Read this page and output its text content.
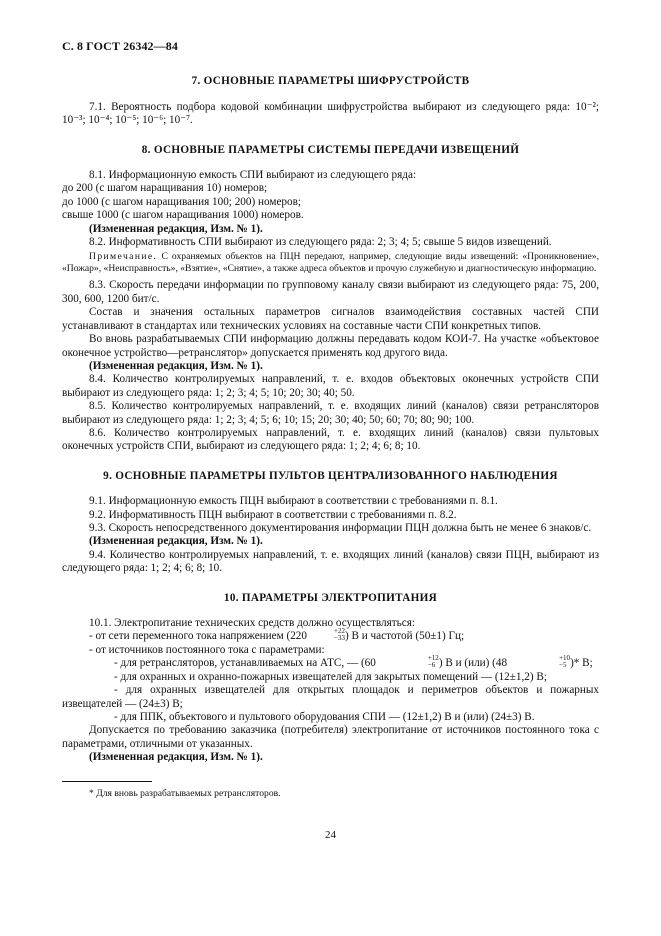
С. 8 ГОСТ 26342—84
7. ОСНОВНЫЕ ПАРАМЕТРЫ ШИФРУСТРОЙСТВ

7.1. Вероятность подбора кодовой комбинации шифрустройства выбирают из следующего ряда: 10⁻²; 10⁻³; 10⁻⁴; 10⁻⁵; 10⁻⁶; 10⁻⁷.

8. ОСНОВНЫЕ ПАРАМЕТРЫ СИСТЕМЫ ПЕРЕДАЧИ ИЗВЕЩЕНИЙ

8.1. Информационную емкость СПИ выбирают из следующего ряда:

до 200 (с шагом наращивания 10) номеров;

до 1000 (с шагом наращивания 100; 200) номеров;

свыше 1000 (с шагом наращивания 1000) номеров.

(Измененная редакция, Изм. № 1).

8.2. Информативность СПИ выбирают из следующего ряда: 2; 3; 4; 5; свыше 5 видов извещений.

Примечание. С охраняемых объектов на ПЦН передают, например, следующие виды извещений: «Проникновение», «Пожар», «Неисправность», «Взятие», «Снятие», а также адреса объектов и прочую служебную и диагностическую информацию.

8.3. Скорость передачи информации по групповому каналу связи выбирают из следующего ряда: 75, 200, 300, 600, 1200 бит/с.

Состав и значения остальных параметров сигналов взаимодействия составных частей СПИ устанавливают в стандартах или технических условиях на составные части СПИ конкретных типов.

Во вновь разрабатываемых СПИ информацию должны передавать кодом КОИ-7. На участке «объектовое оконечное устройство—ретранслятор» допускается применять код другого вида.

(Измененная редакция, Изм. № 1).

8.4. Количество контролируемых направлений, т. е. входов объектовых оконечных устройств СПИ выбирают из следующего ряда: 1; 2; 3; 4; 5; 10; 20; 30; 40; 50.

8.5. Количество контролируемых направлений, т. е. входящих линий (каналов) связи ретрансляторов выбирают из следующего ряда: 1; 2; 3; 4; 5; 6; 10; 15; 20; 30; 40; 50; 60; 70; 80; 90; 100.

8.6. Количество контролируемых направлений, т. е. входящих линий (каналов) связи пультовых оконечных устройств СПИ, выбирают из следующего ряда: 1; 2; 4; 6; 8; 10.

9. ОСНОВНЫЕ ПАРАМЕТРЫ ПУЛЬТОВ ЦЕНТРАЛИЗОВАННОГО НАБЛЮДЕНИЯ

9.1. Информационную емкость ПЦН выбирают в соответствии с требованиями п. 8.1.

9.2. Информативность ПЦН выбирают в соответствии с требованиями п. 8.2.

9.3. Скорость непосредственного документирования информации ПЦН должна быть не менее 6 знаков/с.

(Измененная редакция, Изм. № 1).

9.4. Количество контролируемых направлений, т. е. входящих линий (каналов) связи ПЦН, выбирают из следующего ряда: 1; 2; 4; 6; 8; 10.

10. ПАРАМЕТРЫ ЭЛЕКТРОПИТАНИЯ

10.1. Электропитание технических средств должно осуществляться:

- от сети переменного тока напряжением (220	+22
−33 ) В и частотой (50±1) Гц;

- от источников постоянного тока с параметрами:

- для ретрансляторов, устанавливаемых на АТС, — (60	+12
−6 ) В и (или) (48	+10
−5 )* В;

- для охранных и охранно-пожарных извещателей для закрытых помещений — (12±1,2) В;

- для охранных извещателей для открытых площадок и периметров объектов и пожарных извещателей — (24±3) В;

- для ППК, объектового и пультового оборудования СПИ — (12±1,2) В и (или) (24±3) В.

Допускается по требованию заказчика (потребителя) электропитание от источников постоянного тока с параметрами, отличными от указанных.

(Измененная редакция, Изм. № 1).

* Для вновь разрабатываемых ретрансляторов.

24
